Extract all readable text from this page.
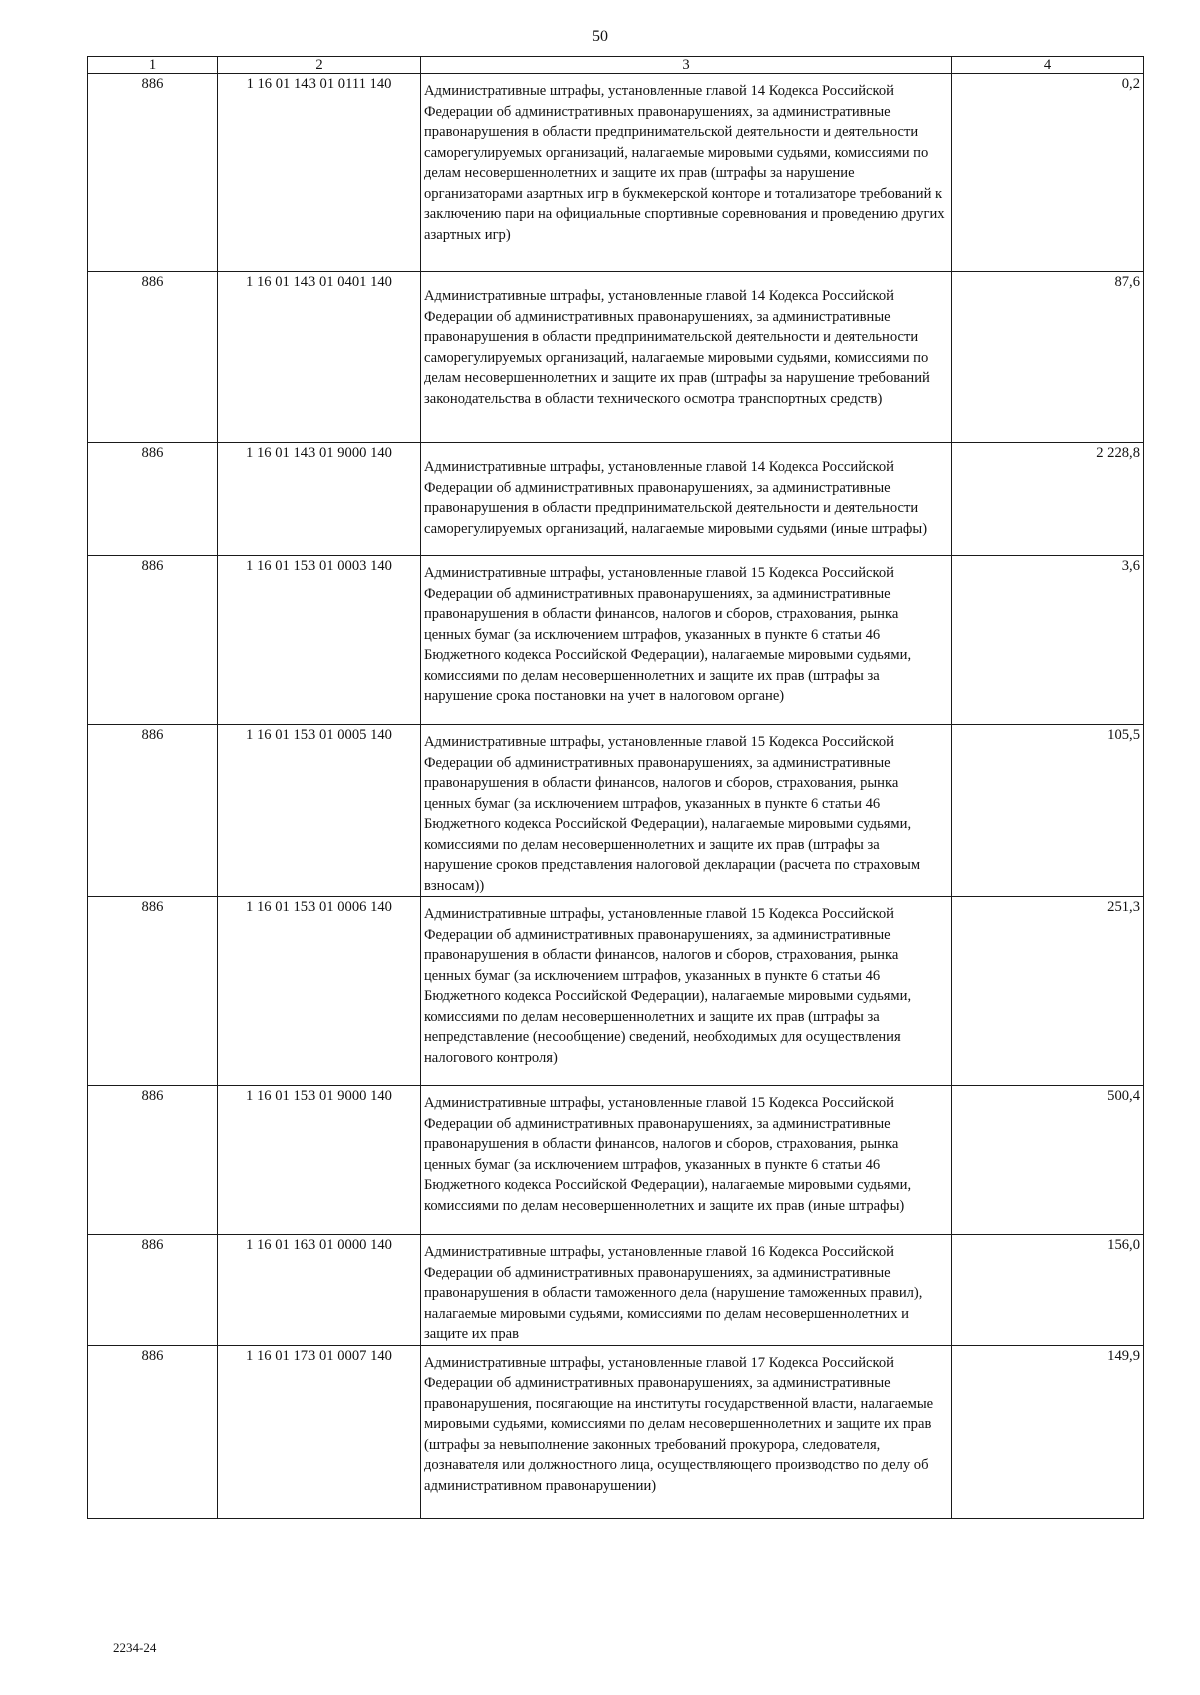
50
1	2	3	4
886	1 16 01 143 01 0111 140	Административные штрафы, установленные главой 14 Кодекса Российской Федерации об административных правонарушениях, за административные правонарушения в области предпринимательской деятельности и деятельности саморегулируемых организаций, налагаемые мировыми судьями, комиссиями по делам несовершеннолетних и защите их прав (штрафы за нарушение организаторами азартных игр в букмекерской конторе и тотализаторе требований к заключению пари на официальные спортивные соревнования и проведению других азартных игр)	0,2
886	1 16 01 143 01 0401 140	Административные штрафы, установленные главой 14 Кодекса Российской Федерации об административных правонарушениях, за административные правонарушения в области предпринимательской деятельности и деятельности саморегулируемых организаций, налагаемые мировыми судьями, комиссиями по делам несовершеннолетних и защите их прав (штрафы за нарушение требований законодательства в области технического осмотра транспортных средств)	87,6
886	1 16 01 143 01 9000 140	Административные штрафы, установленные главой 14 Кодекса Российской Федерации об административных правонарушениях, за административные правонарушения в области предпринимательской деятельности и деятельности саморегулируемых организаций, налагаемые мировыми судьями (иные штрафы)	2 228,8
886	1 16 01 153 01 0003 140	Административные штрафы, установленные главой 15 Кодекса Российской Федерации об административных правонарушениях, за административные правонарушения в области финансов, налогов и сборов, страхования, рынка ценных бумаг (за исключением штрафов, указанных в пункте 6 статьи 46 Бюджетного кодекса Российской Федерации), налагаемые мировыми судьями, комиссиями по делам несовершеннолетних и защите их прав (штрафы за нарушение срока постановки на учет в налоговом органе)	3,6
886	1 16 01 153 01 0005 140	Административные штрафы, установленные главой 15 Кодекса Российской Федерации об административных правонарушениях, за административные правонарушения в области финансов, налогов и сборов, страхования, рынка ценных бумаг (за исключением штрафов, указанных в пункте 6 статьи 46 Бюджетного кодекса Российской Федерации), налагаемые мировыми судьями, комиссиями по делам несовершеннолетних и защите их прав (штрафы за нарушение сроков представления налоговой декларации (расчета по страховым взносам))	105,5
886	1 16 01 153 01 0006 140	Административные штрафы, установленные главой 15 Кодекса Российской Федерации об административных правонарушениях, за административные правонарушения в области финансов, налогов и сборов, страхования, рынка ценных бумаг (за исключением штрафов, указанных в пункте 6 статьи 46 Бюджетного кодекса Российской Федерации), налагаемые мировыми судьями, комиссиями по делам несовершеннолетних и защите их прав (штрафы за непредставление (несообщение) сведений, необходимых для осуществления налогового контроля)	251,3
886	1 16 01 153 01 9000 140	Административные штрафы, установленные главой 15 Кодекса Российской Федерации об административных правонарушениях, за административные правонарушения в области финансов, налогов и сборов, страхования, рынка ценных бумаг (за исключением штрафов, указанных в пункте 6 статьи 46 Бюджетного кодекса Российской Федерации), налагаемые мировыми судьями, комиссиями по делам несовершеннолетних и защите их прав (иные штрафы)	500,4
886	1 16 01 163 01 0000 140	Административные штрафы, установленные главой 16 Кодекса Российской Федерации об административных правонарушениях, за административные правонарушения в области таможенного дела (нарушение таможенных правил), налагаемые мировыми судьями, комиссиями по делам несовершеннолетних и защите их прав	156,0
886	1 16 01 173 01 0007 140	Административные штрафы, установленные главой 17 Кодекса Российской Федерации об административных правонарушениях, за административные правонарушения, посягающие на институты государственной власти, налагаемые мировыми судьями, комиссиями по делам несовершеннолетних и защите их прав (штрафы за невыполнение законных требований прокурора, следователя, дознавателя или должностного лица, осуществляющего производство по делу об административном правонарушении)	149,9
2234-24
